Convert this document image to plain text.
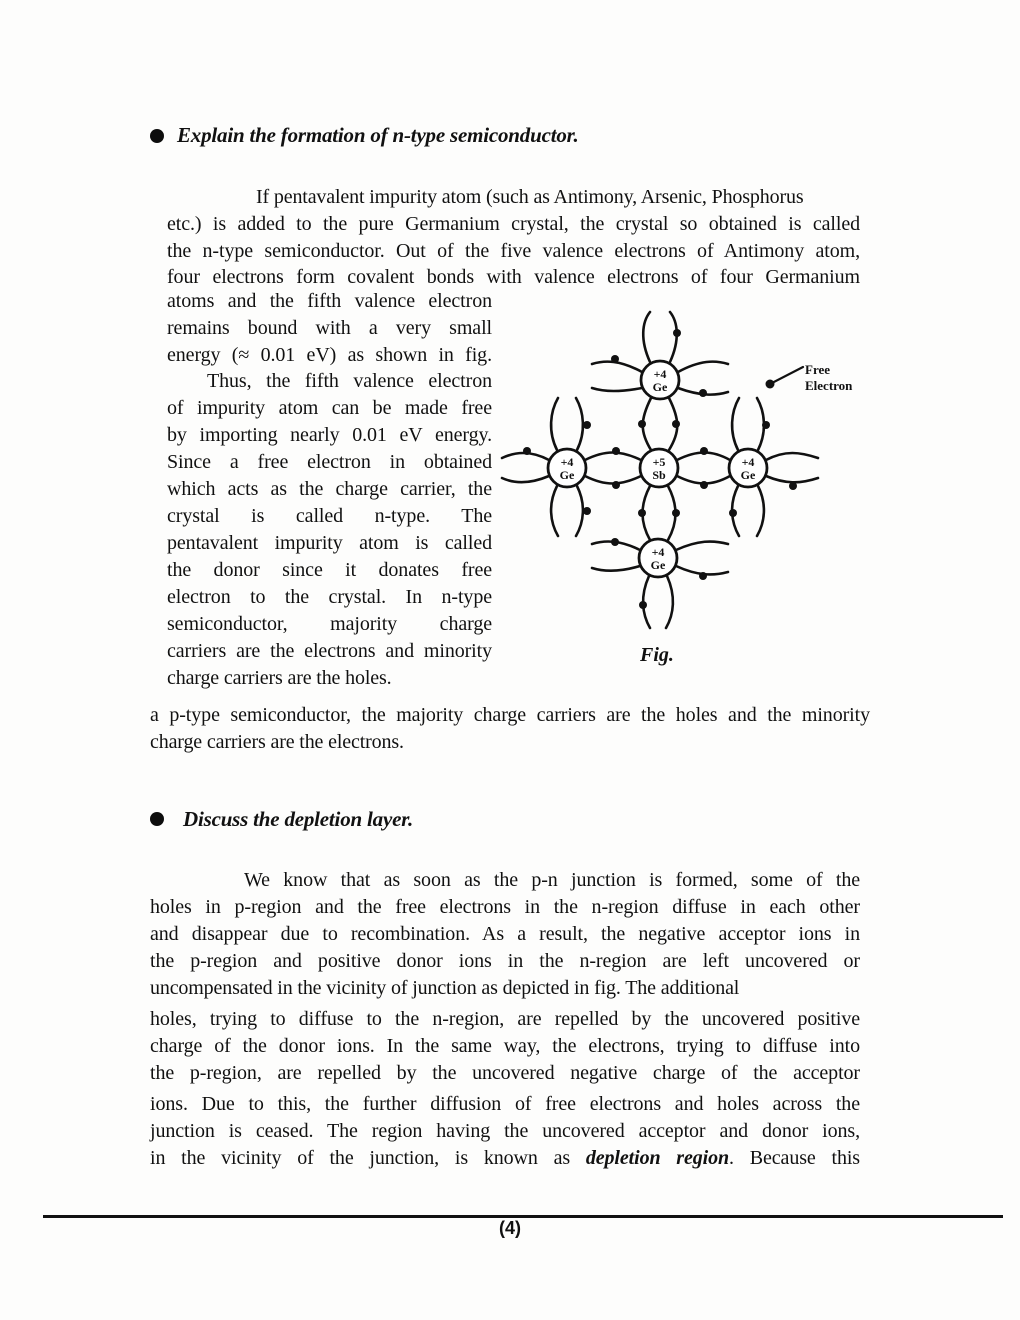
Explain the formation of n-type semiconductor.
If pentavalent impurity atom (such as Antimony, Arsenic, Phosphorus
etc.) is added to the pure Germanium crystal, the crystal so obtained is called
the n-type semiconductor. Out of the five valence electrons of Antimony atom,
four electrons form covalent bonds with valence electrons of four Germanium
atoms and the fifth valence electron
remains bound with a very small
energy (≈ 0.01 eV) as shown in fig.
Thus, the fifth valence electron
of impurity atom can be made free
by importing nearly 0.01 eV energy.
Since a free electron in obtained
which acts as the charge carrier, the
crystal is called n-type. The
pentavalent impurity atom is called
the donor since it donates free
electron to the crystal. In n-type
semiconductor, majority charge
carriers are the electrons and minority
charge carriers are the holes.
+4
Ge
+4
Ge
+5
Sb
+4
Ge
+4
Ge
Free
Electron
Fig.
a p-type semiconductor, the majority charge carriers are the holes and the minority
charge carriers are the electrons.
Discuss the depletion layer.
We know that as soon as the p-n junction is formed, some of the
holes in p-region and the free electrons in the n-region diffuse in each other
and disappear due to recombination. As a result, the negative acceptor ions in
the p-region and positive donor ions in the n-region are left uncovered or
uncompensated in the vicinity of junction as depicted in fig. The additional
holes, trying to diffuse to the n-region, are repelled by the uncovered positive
charge of the donor ions. In the same way, the electrons, trying to diffuse into
the p-region, are repelled by the uncovered negative charge of the acceptor
ions. Due to this, the further diffusion of free electrons and holes across the
junction is ceased. The region having the uncovered acceptor and donor ions,
in the vicinity of the junction, is known as depletion region. Because this
(4)
